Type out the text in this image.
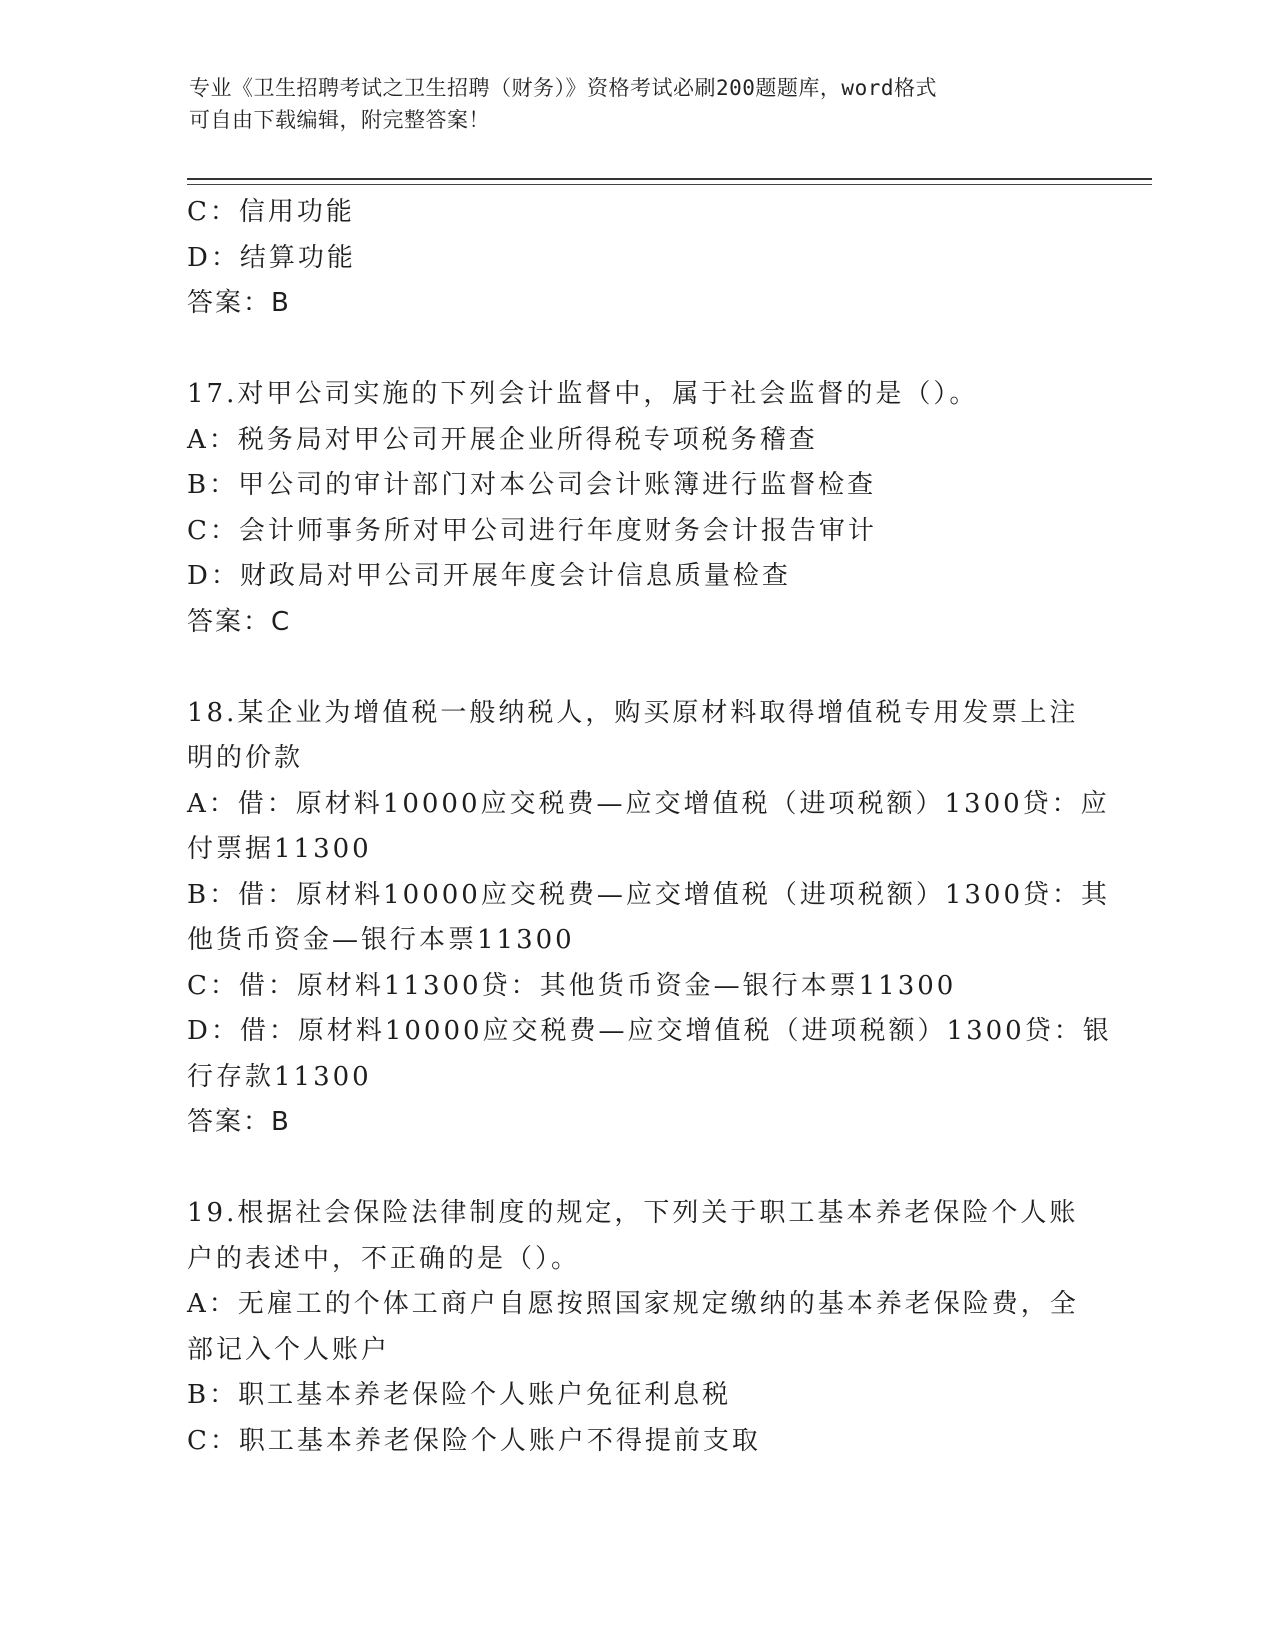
专业《卫生招聘考试之卫生招聘（财务）》资格考试必刷200题题库，word格式
可自由下载编辑，附完整答案！
C：信用功能
D：结算功能
答案：B
17.对甲公司实施的下列会计监督中，属于社会监督的是（）。
A：税务局对甲公司开展企业所得税专项税务稽查
B：甲公司的审计部门对本公司会计账簿进行监督检查
C：会计师事务所对甲公司进行年度财务会计报告审计
D：财政局对甲公司开展年度会计信息质量检查
答案：C
18.某企业为增值税一般纳税人，购买原材料取得增值税专用发票上注
明的价款
A：借：原材料10000应交税费—应交增值税（进项税额）1300贷：应
付票据11300
B：借：原材料10000应交税费—应交增值税（进项税额）1300贷：其
他货币资金—银行本票11300
C：借：原材料11300贷：其他货币资金—银行本票11300
D：借：原材料10000应交税费—应交增值税（进项税额）1300贷：银
行存款11300
答案：B
19.根据社会保险法律制度的规定，下列关于职工基本养老保险个人账
户的表述中，不正确的是（）。
A：无雇工的个体工商户自愿按照国家规定缴纳的基本养老保险费，全
部记入个人账户
B：职工基本养老保险个人账户免征利息税
C：职工基本养老保险个人账户不得提前支取
